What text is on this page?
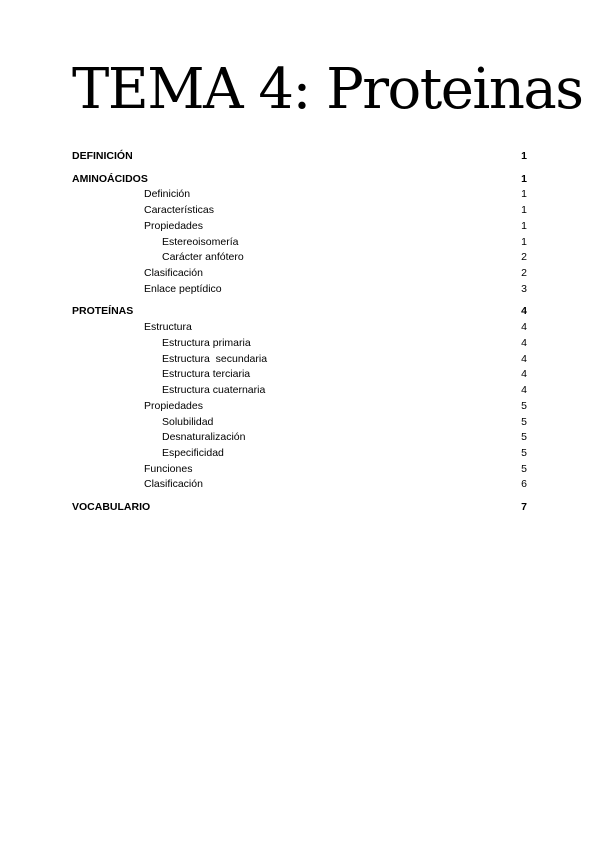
TEMA 4: Proteinas
DEFINICIÓN	1
AMINOÁCIDOS	1
Definición	1
Características	1
Propiedades	1
Estereoisomería	1
Carácter anfótero	2
Clasificación	2
Enlace peptídico	3
PROTEÍNAS	4
Estructura	4
Estructura primaria	4
Estructura  secundaria	4
Estructura terciaria	4
Estructura cuaternaria	4
Propiedades	5
Solubilidad	5
Desnaturalización	5
Especificidad	5
Funciones	5
Clasificación	6
VOCABULARIO	7
